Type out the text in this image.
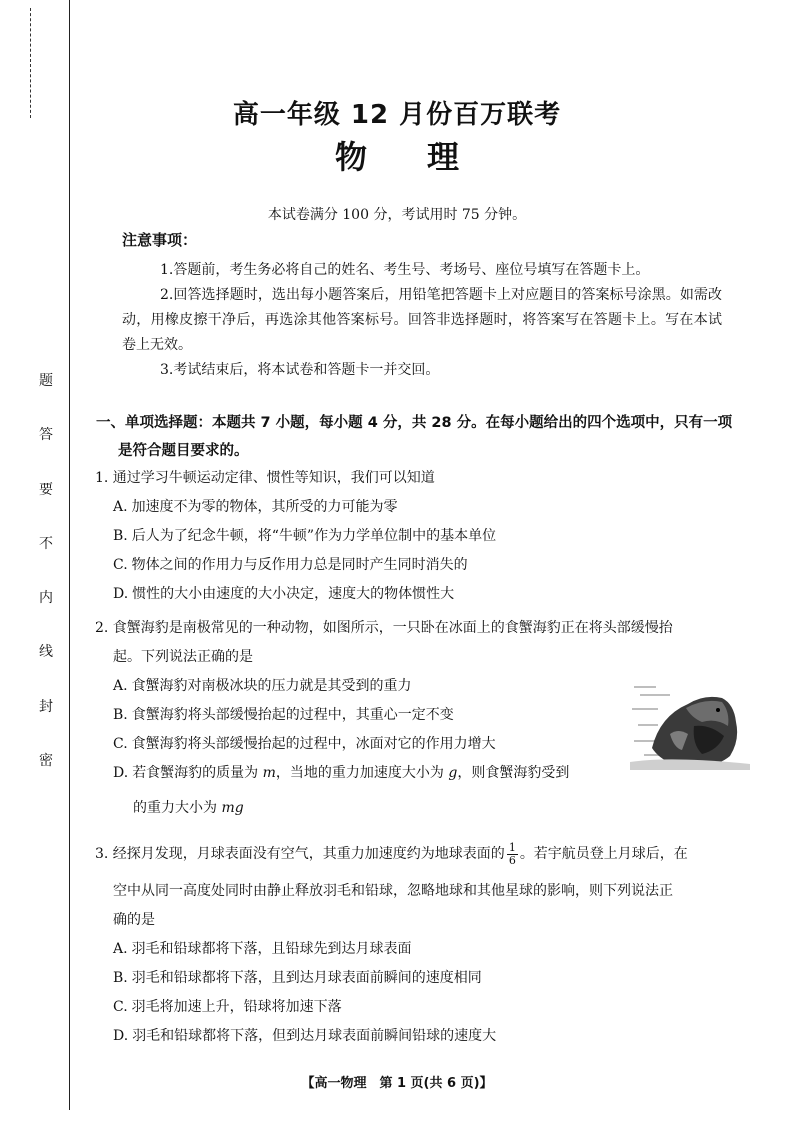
题
答
要
不
内
线
封
密
高一年级 12 月份百万联考
物理
本试卷满分 100 分，考试用时 75 分钟。
注意事项：
1.答题前，考生务必将自己的姓名、考生号、考场号、座位号填写在答题卡上。
2.回答选择题时，选出每小题答案后，用铅笔把答题卡上对应题目的答案标号涂黑。如需改动，用橡皮擦干净后，再选涂其他答案标号。回答非选择题时，将答案写在答题卡上。写在本试卷上无效。
3.考试结束后，将本试卷和答题卡一并交回。
一、单项选择题：本题共 7 小题，每小题 4 分，共 28 分。在每小题给出的四个选项中，只有一项
是符合题目要求的。
1. 通过学习牛顿运动定律、惯性等知识，我们可以知道
A. 加速度不为零的物体，其所受的力可能为零
B. 后人为了纪念牛顿，将“牛顿”作为力学单位制中的基本单位
C. 物体之间的作用力与反作用力总是同时产生同时消失的
D. 惯性的大小由速度的大小决定，速度大的物体惯性大
2. 食蟹海豹是南极常见的一种动物，如图所示，一只卧在冰面上的食蟹海豹正在将头部缓慢抬
起。下列说法正确的是
A. 食蟹海豹对南极冰块的压力就是其受到的重力
B. 食蟹海豹将头部缓慢抬起的过程中，其重心一定不变
C. 食蟹海豹将头部缓慢抬起的过程中，冰面对它的作用力增大
D. 若食蟹海豹的质量为 m，当地的重力加速度大小为 g，则食蟹海豹受到
的重力大小为 mg
3. 经探月发现，月球表面没有空气，其重力加速度约为地球表面的 $\frac{1}{6}$ 。若宇航员登上月球后，在
空中从同一高度处同时由静止释放羽毛和铅球，忽略地球和其他星球的影响，则下列说法正
确的是
A. 羽毛和铅球都将下落，且铅球先到达月球表面
B. 羽毛和铅球都将下落，且到达月球表面前瞬间的速度相同
C. 羽毛将加速上升，铅球将加速下落
D. 羽毛和铅球都将下落，但到达月球表面前瞬间铅球的速度大
【高一物理　第 1 页(共 6 页)】
